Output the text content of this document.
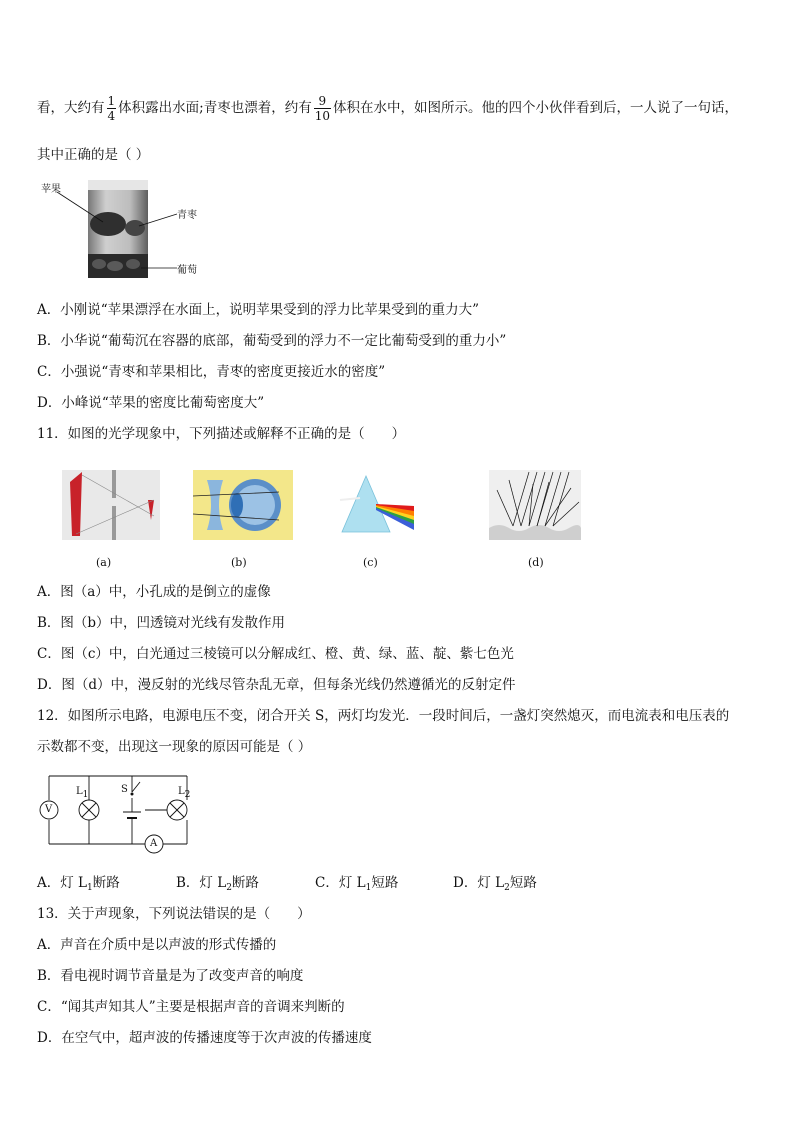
看，大约有 $\frac{1}{4}$ 体积露出水面;青枣也漂着，约有 $\frac{9}{10}$ 体积在水中，如图所示。他的四个小伙伴看到后，一人说了一句话，
其中正确的是（ ）
苹果
青枣
葡萄
A．小刚说“苹果漂浮在水面上，说明苹果受到的浮力比苹果受到的重力大”
B．小华说“葡萄沉在容器的底部，葡萄受到的浮力不一定比葡萄受到的重力小”
C．小强说“青枣和苹果相比，青枣的密度更接近水的密度”
D．小峰说“苹果的密度比葡萄密度大”
11．如图的光学现象中，下列描述或解释不正确的是（　　）
(a)	(b)	(c)	(d)
A．图（a）中，小孔成的是倒立的虚像
B．图（b）中，凹透镜对光线有发散作用
C．图（c）中，白光通过三棱镜可以分解成红、橙、黄、绿、蓝、靛、紫七色光
D．图（d）中，漫反射的光线尽管杂乱无章，但每条光线仍然遵循光的反射定件
12．如图所示电路，电源电压不变，闭合开关 S，两灯均发光．一段时间后，一盏灯突然熄灭，而电流表和电压表的
示数都不变，出现这一现象的原因可能是（ ）
V
$L_1$	S	$L_2$
A
A．灯 $L_1$断路	B．灯 $L_2$断路	C．灯 $L_1$短路	D．灯 $L_2$短路
13．关于声现象，下列说法错误的是（　　）
A．声音在介质中是以声波的形式传播的
B．看电视时调节音量是为了改变声音的响度
C．“闻其声知其人”主要是根据声音的音调来判断的
D．在空气中，超声波的传播速度等于次声波的传播速度
